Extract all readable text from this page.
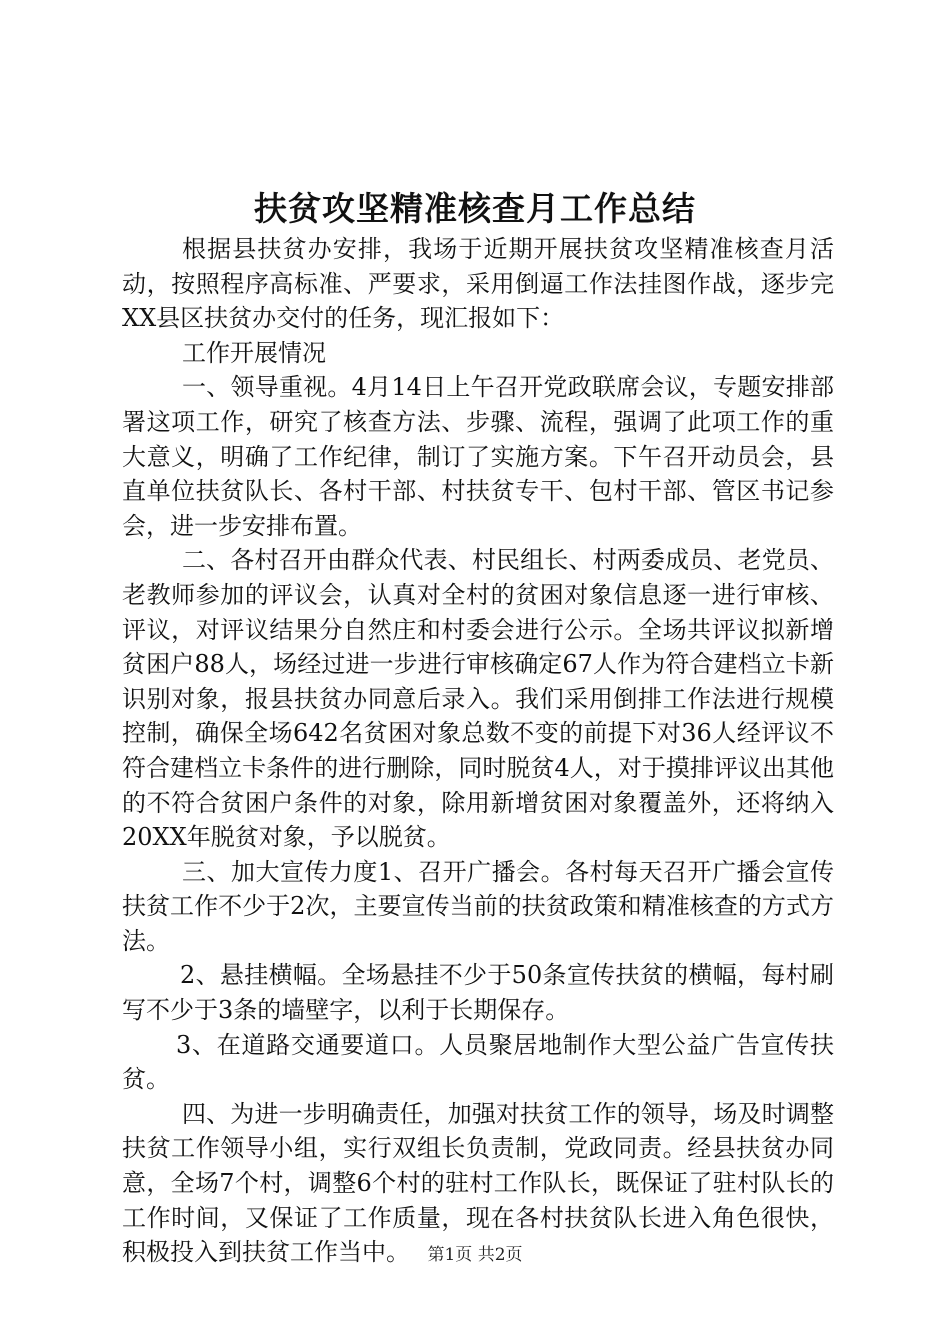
扶贫攻坚精准核查月工作总结

根据县扶贫办安排，我场于近期开展扶贫攻坚精准核查月活动，按照程序高标准、严要求，采用倒逼工作法挂图作战，逐步完XX县区扶贫办交付的任务，现汇报如下：

工作开展情况

一、领导重视。4月14日上午召开党政联席会议，专题安排部署这项工作，研究了核查方法、步骤、流程，强调了此项工作的重大意义，明确了工作纪律，制订了实施方案。下午召开动员会，县直单位扶贫队长、各村干部、村扶贫专干、包村干部、管区书记参会，进一步安排布置。

二、各村召开由群众代表、村民组长、村两委成员、老党员、老教师参加的评议会，认真对全村的贫困对象信息逐一进行审核、评议，对评议结果分自然庄和村委会进行公示。全场共评议拟新增贫困户88人，场经过进一步进行审核确定67人作为符合建档立卡新识别对象，报县扶贫办同意后录入。我们采用倒排工作法进行规模控制，确保全场642名贫困对象总数不变的前提下对36人经评议不符合建档立卡条件的进行删除，同时脱贫4人，对于摸排评议出其他的不符合贫困户条件的对象，除用新增贫困对象覆盖外，还将纳入20XX年脱贫对象，予以脱贫。

三、加大宣传力度1、召开广播会。各村每天召开广播会宣传扶贫工作不少于2次，主要宣传当前的扶贫政策和精准核查的方式方法。

2、悬挂横幅。全场悬挂不少于50条宣传扶贫的横幅，每村刷写不少于3条的墙壁字，以利于长期保存。

3、在道路交通要道口。人员聚居地制作大型公益广告宣传扶贫。

四、为进一步明确责任，加强对扶贫工作的领导，场及时调整扶贫工作领导小组，实行双组长负责制，党政同责。经县扶贫办同意，全场7个村，调整6个村的驻村工作队长，既保证了驻村队长的工作时间，又保证了工作质量，现在各村扶贫队长进入角色很快，积极投入到扶贫工作当中。	第1页 共2页
